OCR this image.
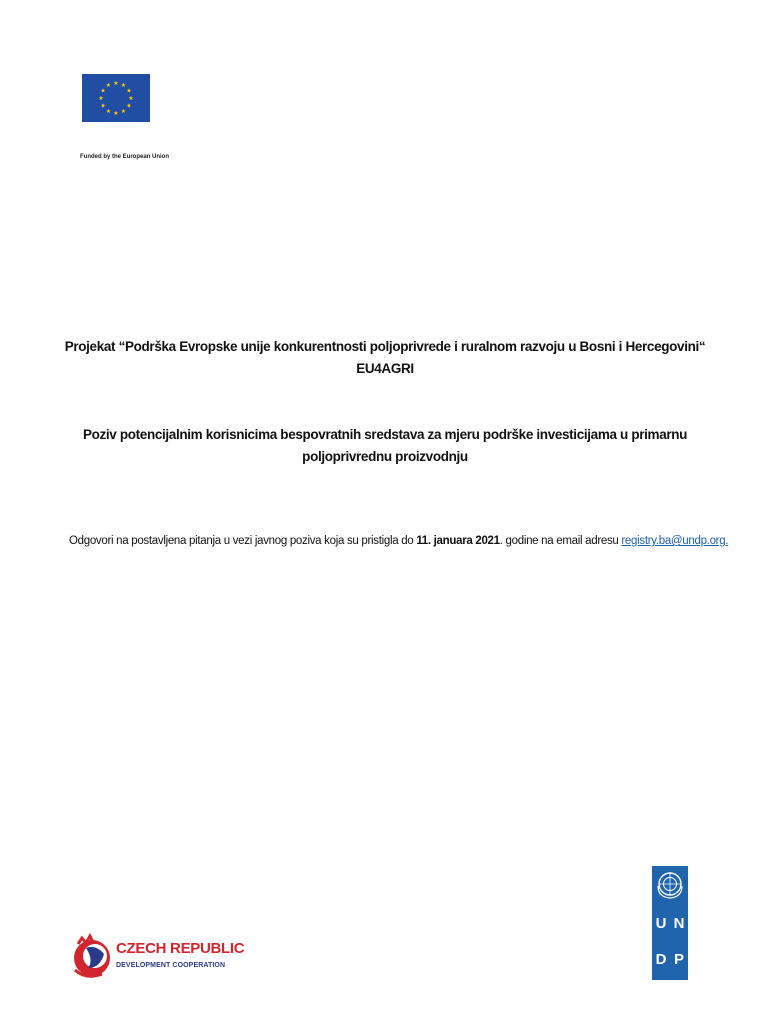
★ ★
★
★
★
★
★
★
★
★
★
★
Funded by the European Union
Projekat “Podrška Evropske unije konkurentnosti poljoprivrede i ruralnom razvoju u Bosni i Hercegovini“
EU4AGRI
Poziv potencijalnim korisnicima bespovratnih sredstava za mjeru podrške investicijama u primarnu
poljoprivrednu proizvodnju
Odgovori na postavljena pitanja u vezi javnog poziva koja su pristigla do 11. januara 2021. godine na email adresu registry.ba@undp.org.
CZECH REPUBLIC
DEVELOPMENT COOPERATION
U N
D P
